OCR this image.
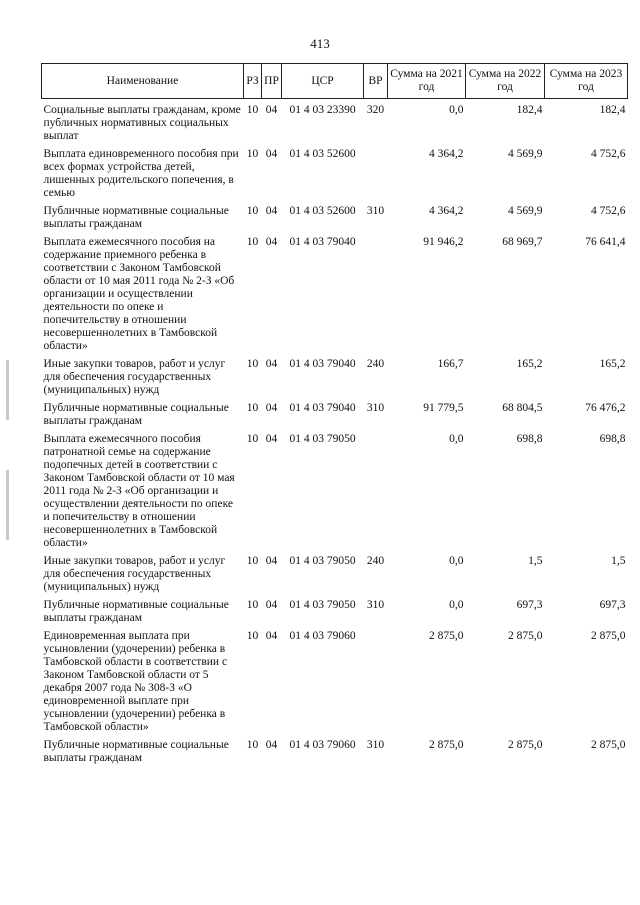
413
Наименование	РЗ	ПР	ЦСР	ВР	Сумма на 2021 год	Сумма на 2022 год	Сумма на 2023 год

Социальные выплаты гражданам, кроме публичных нормативных социальных выплат	10	04	01 4 03 23390	320	0,0	182,4	182,4

Выплата единовременного пособия при всех формах устройства детей, лишенных родительского попечения, в семью	10	04	01 4 03 52600		4 364,2	4 569,9	4 752,6

Публичные нормативные социальные выплаты гражданам	10	04	01 4 03 52600	310	4 364,2	4 569,9	4 752,6

Выплата ежемесячного пособия на содержание приемного ребенка в соответствии с Законом Тамбовской области от 10 мая 2011 года № 2-З «Об организации и осуществлении деятельности по опеке и попечительству в отношении несовершеннолетних в Тамбовской области»	10	04	01 4 03 79040		91 946,2	68 969,7	76 641,4

Иные закупки товаров, работ и услуг для обеспечения государственных (муниципальных) нужд	10	04	01 4 03 79040	240	166,7	165,2	165,2

Публичные нормативные социальные выплаты гражданам	10	04	01 4 03 79040	310	91 779,5	68 804,5	76 476,2

Выплата ежемесячного пособия патронатной семье на содержание подопечных детей в соответствии с Законом Тамбовской области от 10 мая 2011 года № 2-З «Об организации и осуществлении деятельности по опеке и попечительству в отношении несовершеннолетних в Тамбовской области»	10	04	01 4 03 79050		0,0	698,8	698,8

Иные закупки товаров, работ и услуг для обеспечения государственных (муниципальных) нужд	10	04	01 4 03 79050	240	0,0	1,5	1,5

Публичные нормативные социальные выплаты гражданам	10	04	01 4 03 79050	310	0,0	697,3	697,3

Единовременная выплата при усыновлении (удочерении) ребенка в Тамбовской области в соответствии с Законом Тамбовской области от 5 декабря 2007 года № 308-З «О единовременной выплате при усыновлении (удочерении) ребенка в Тамбовской области»	10	04	01 4 03 79060		2 875,0	2 875,0	2 875,0

Публичные нормативные социальные выплаты гражданам	10	04	01 4 03 79060	310	2 875,0	2 875,0	2 875,0
